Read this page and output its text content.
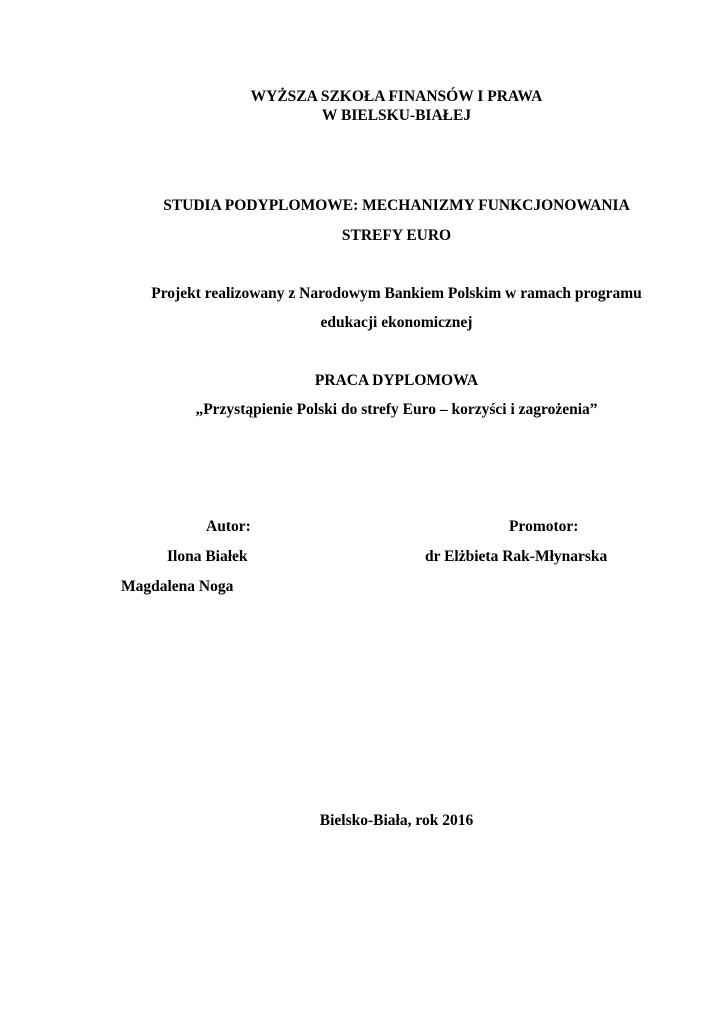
WYŻSZA SZKOŁA FINANSÓW I PRAWA
W BIELSKU-BIAŁEJ
STUDIA PODYPLOMOWE: MECHANIZMY FUNKCJONOWANIA
STREFY EURO
Projekt realizowany z Narodowym Bankiem Polskim w ramach programu
edukacji ekonomicznej
PRACA DYPLOMOWA
„Przystąpienie Polski do strefy Euro – korzyści i zagrożenia”
Autor:
Ilona Białek
Magdalena Noga
Promotor:
dr Elżbieta Rak-Młynarska
Bielsko-Biała, rok 2016
